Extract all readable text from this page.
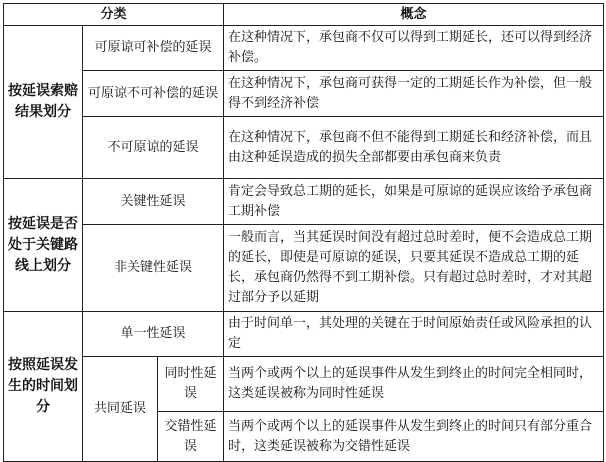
分类			概念
按延误索赔结果划分	可原谅可补偿的延误		在这种情况下，承包商不仅可以得到工期延长，还可以得到经济补偿。
	可原谅不可补偿的延误		在这种情况下，承包商可获得一定的工期延长作为补偿，但一般得不到经济补偿
	不可原谅的延误		在这种情况下，承包商不但不能得到工期延长和经济补偿，而且由这种延误造成的损失全部都要由承包商来负责
按延误是否处于关键路线上划分	关键性延误		肯定会导致总工期的延长，如果是可原谅的延误应该给予承包商工期补偿
	非关键性延误		一般而言，当其延误时间没有超过总时差时，便不会造成总工期的延长，即使是可原谅的延误，只要其延误不造成总工期的延长，承包商仍然得不到工期补偿。只有超过总时差时，才对其超过部分予以延期
按照延误发生的时间划分	单一性延误		由于时间单一，其处理的关键在于时间原始责任或风险承担的认定
	共同延误	同时性延误	当两个或两个以上的延误事件从发生到终止的时间完全相同时，这类延误被称为同时性延误
		交错性延误	当两个或两个以上的延误事件从发生到终止的时间只有部分重合时，这类延误被称为交错性延误
